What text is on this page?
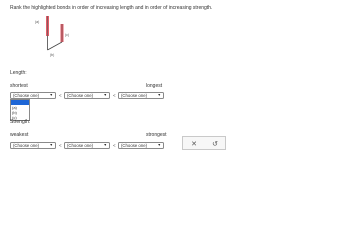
Rank the highlighted bonds in order of increasing length and in order of increasing strength.
(a)
(b)
(c)
Length:
shortest	longest
(Choose one)	▼ < (Choose one)	▼ < (Choose one)	▼
(a)
(b)
(c)
Strength:
weakest	strongest
(Choose one)	▼ < (Choose one)	▼ < (Choose one)	▼	✕ ↺
